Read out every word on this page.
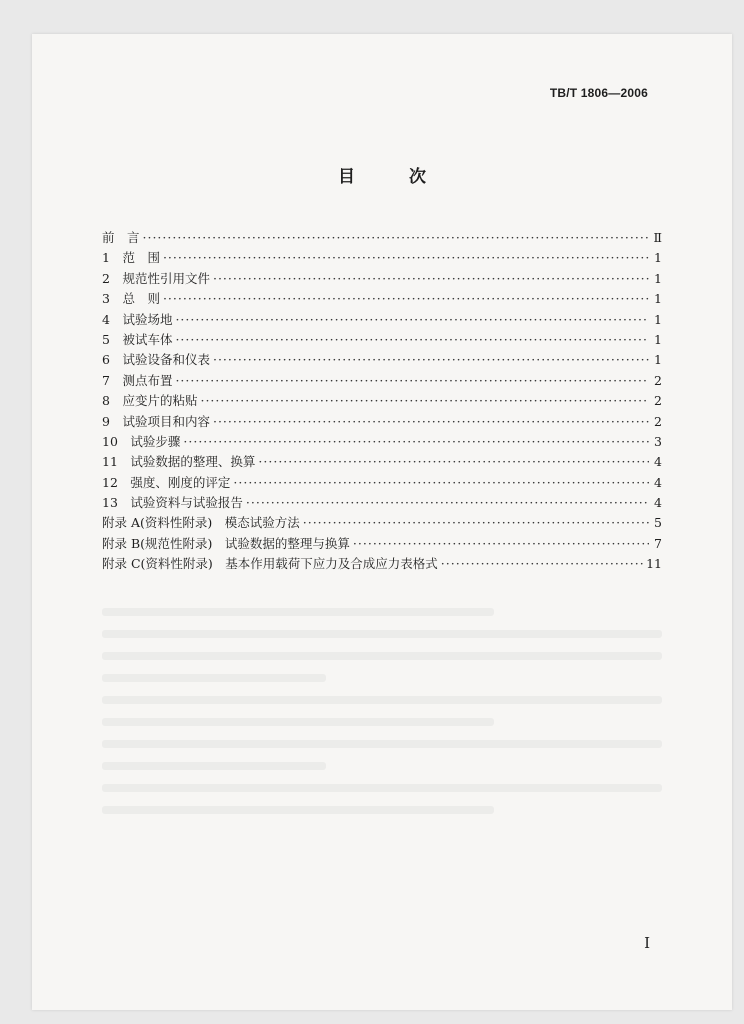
TB/T 1806—2006
目 次
前　言 ·····	Ⅱ
1　范　围 ·····	1
2　规范性引用文件 ·····	1
3　总　则 ·····	1
4　试验场地 ·····	1
5　被试车体 ·····	1
6　试验设备和仪表 ·····	1
7　测点布置 ·····	2
8　应变片的粘贴 ·····	2
9　试验项目和内容 ·····	2
10　试验步骤 ·····	3
11　试验数据的整理、换算 ·····	4
12　强度、刚度的评定 ·····	4
13　试验资料与试验报告 ·····	4
附录 A(资料性附录)　模态试验方法 ·····	5
附录 B(规范性附录)　试验数据的整理与换算 ·····	7
附录 C(资料性附录)　基本作用载荷下应力及合成应力表格式 ·····	11
I
